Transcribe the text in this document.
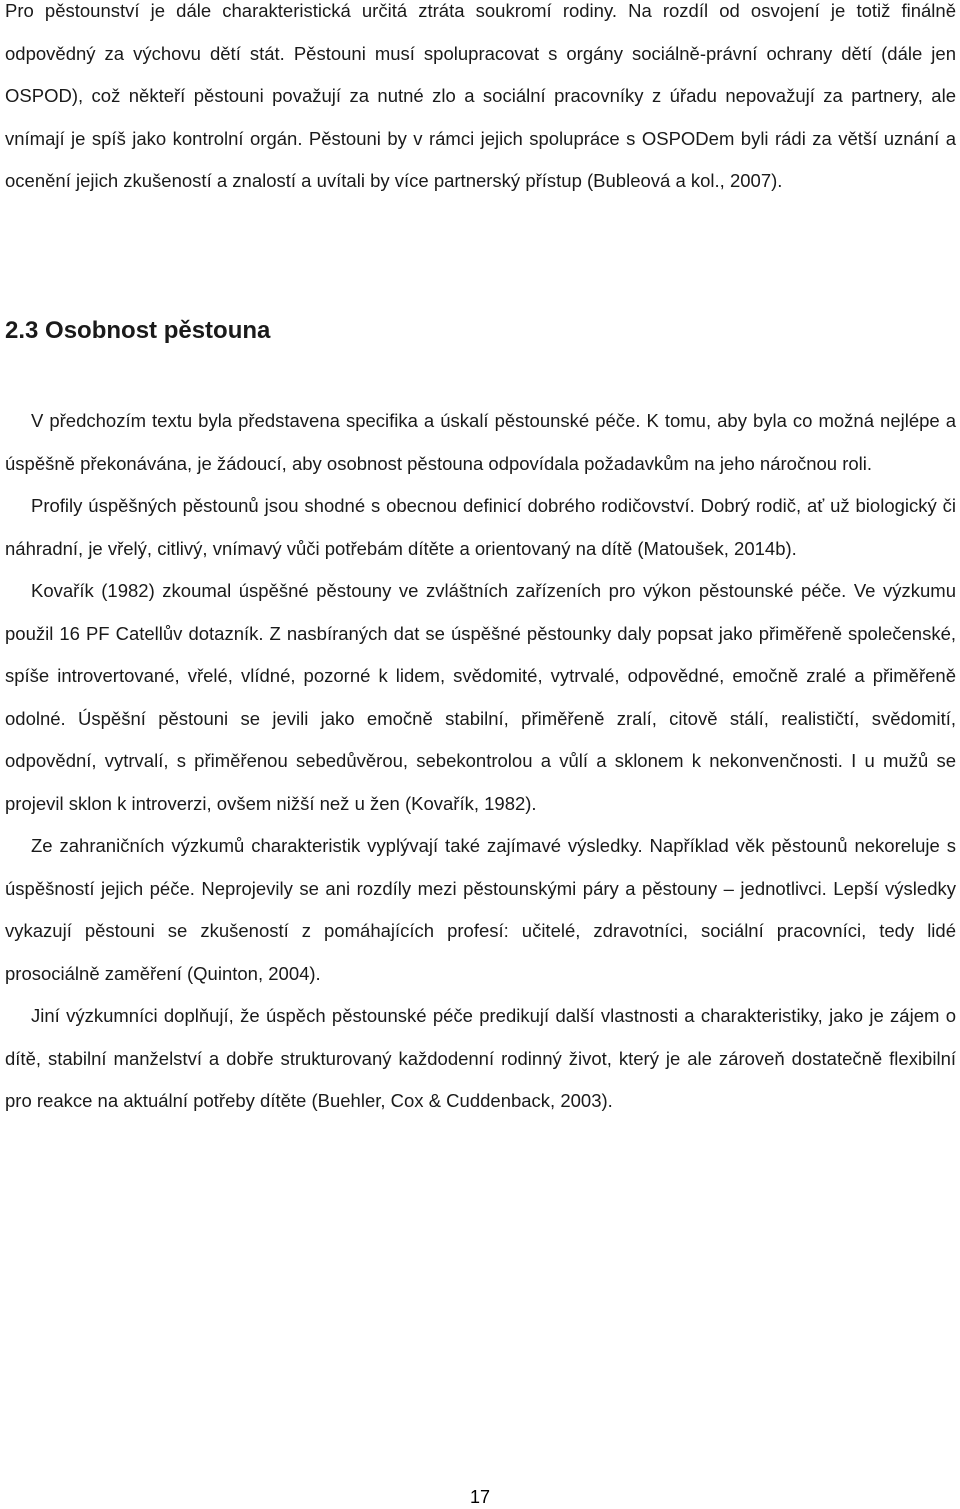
Pro pěstounství je dále charakteristická určitá ztráta soukromí rodiny. Na rozdíl od osvojení je totiž finálně odpovědný za výchovu dětí stát. Pěstouni musí spolupracovat s orgány sociálně-právní ochrany dětí (dále jen OSPOD), což někteří pěstouni považují za nutné zlo a sociální pracovníky z úřadu nepovažují za partnery, ale vnímají je spíš jako kontrolní orgán. Pěstouni by v rámci jejich spolupráce s OSPODem byli rádi za větší uznání a ocenění jejich zkušeností a znalostí a uvítali by více partnerský přístup (Bubleová a kol., 2007).

2.3 Osobnost pěstouna

V předchozím textu byla představena specifika a úskalí pěstounské péče. K tomu, aby byla co možná nejlépe a úspěšně překonávána, je žádoucí, aby osobnost pěstouna odpovídala požadavkům na jeho náročnou roli.

Profily úspěšných pěstounů jsou shodné s obecnou definicí dobrého rodičovství. Dobrý rodič, ať už biologický či náhradní, je vřelý, citlivý, vnímavý vůči potřebám dítěte a orientovaný na dítě (Matoušek, 2014b).

Kovařík (1982) zkoumal úspěšné pěstouny ve zvláštních zařízeních pro výkon pěstounské péče. Ve výzkumu použil 16 PF Catellův dotazník. Z nasbíraných dat se úspěšné pěstounky daly popsat jako přiměřeně společenské, spíše introvertované, vřelé, vlídné, pozorné k lidem, svědomité, vytrvalé, odpovědné, emočně zralé a přiměřeně odolné. Úspěšní pěstouni se jevili jako emočně stabilní, přiměřeně zralí, citově stálí, realističtí, svědomití, odpovědní, vytrvalí, s přiměřenou sebedůvěrou, sebekontrolou a vůlí a sklonem k nekonvenčnosti. I u mužů se projevil sklon k introverzi, ovšem nižší než u žen (Kovařík, 1982).

Ze zahraničních výzkumů charakteristik vyplývají také zajímavé výsledky. Například věk pěstounů nekoreluje s úspěšností jejich péče. Neprojevily se ani rozdíly mezi pěstounskými páry a pěstouny – jednotlivci. Lepší výsledky vykazují pěstouni se zkušeností z pomáhajících profesí: učitelé, zdravotníci, sociální pracovníci, tedy lidé prosociálně zaměření (Quinton, 2004).

Jiní výzkumníci doplňují, že úspěch pěstounské péče predikují další vlastnosti a charakteristiky, jako je zájem o dítě, stabilní manželství a dobře strukturovaný každodenní rodinný život, který je ale zároveň dostatečně flexibilní pro reakce na aktuální potřeby dítěte (Buehler, Cox & Cuddenback, 2003).

17
